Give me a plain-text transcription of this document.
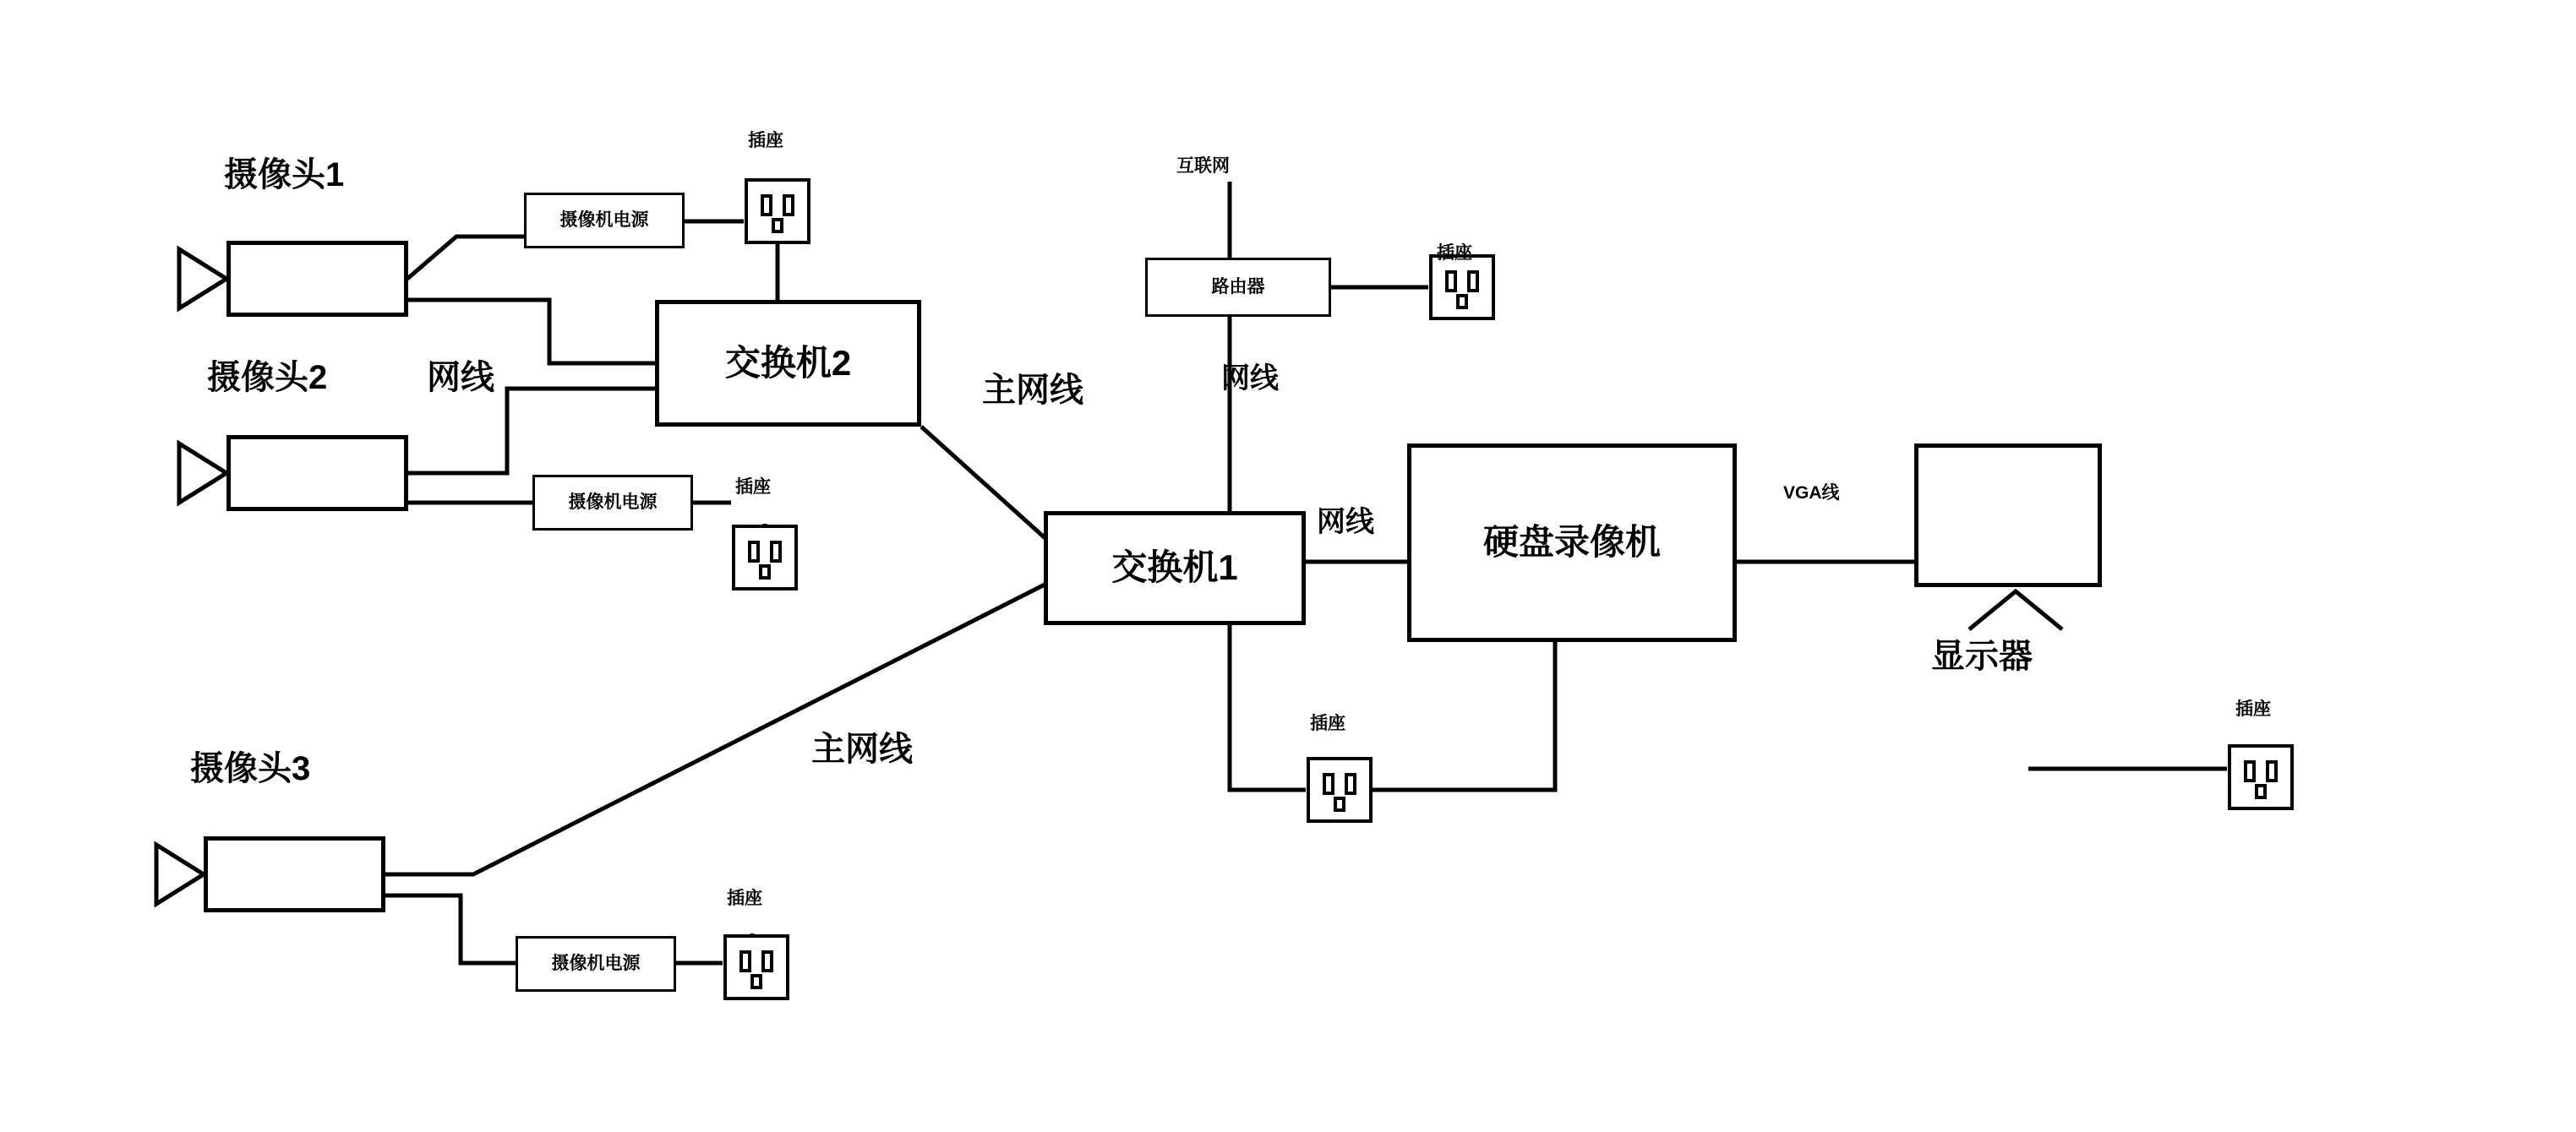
交换机2
交换机1
路由器
硬盘录像机
摄像机电源
摄像机电源
摄像机电源
摄像头1
摄像头2
摄像头3
网线	主网线
主网线
网线
网线
互联网
VGA线
显示器
插座
插座
插座
插座
插座
插座
